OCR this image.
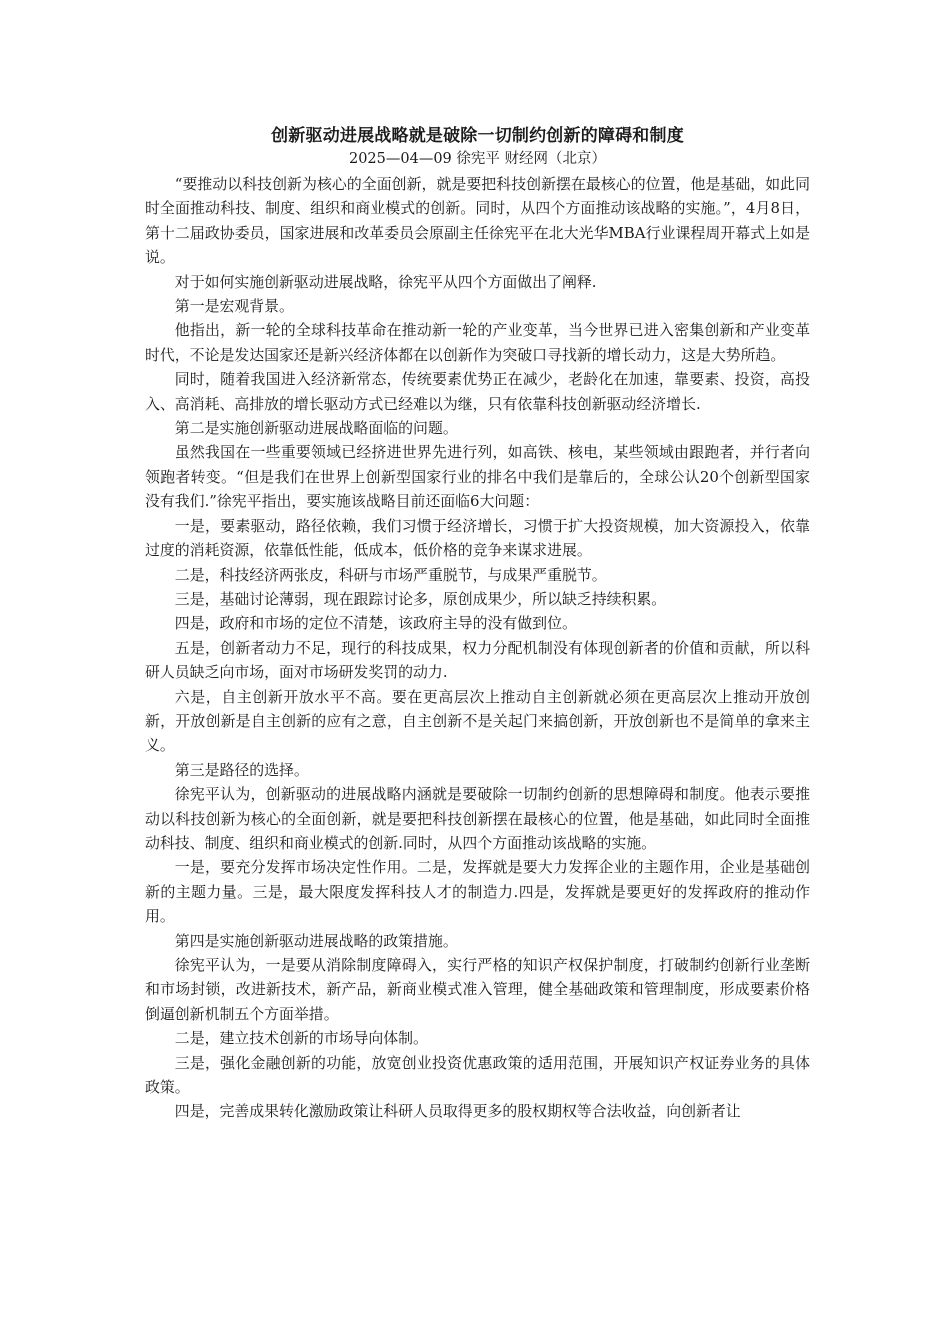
创新驱动进展战略就是破除一切制约创新的障碍和制度

2025—04—09 徐宪平 财经网（北京）

“要推动以科技创新为核心的全面创新，就是要把科技创新摆在最核心的位置，他是基础，如此同时全面推动科技、制度、组织和商业模式的创新。同时，从四个方面推动该战略的实施。”，4月8日，第十二届政协委员，国家进展和改革委员会原副主任徐宪平在北大光华MBA行业课程周开幕式上如是说。

对于如何实施创新驱动进展战略，徐宪平从四个方面做出了阐释.

第一是宏观背景。

他指出，新一轮的全球科技革命在推动新一轮的产业变革，当今世界已进入密集创新和产业变革时代，不论是发达国家还是新兴经济体都在以创新作为突破口寻找新的增长动力，这是大势所趋。

同时，随着我国进入经济新常态，传统要素优势正在减少，老龄化在加速，靠要素、投资，高投入、高消耗、高排放的增长驱动方式已经难以为继，只有依靠科技创新驱动经济增长.

第二是实施创新驱动进展战略面临的问题。

虽然我国在一些重要领域已经挤进世界先进行列，如高铁、核电，某些领域由跟跑者，并行者向领跑者转变。“但是我们在世界上创新型国家行业的排名中我们是靠后的，全球公认20个创新型国家没有我们.”徐宪平指出，要实施该战略目前还面临6大问题：

一是，要素驱动，路径依赖，我们习惯于经济增长，习惯于扩大投资规模，加大资源投入，依靠过度的消耗资源，依靠低性能，低成本，低价格的竞争来谋求进展。

二是，科技经济两张皮，科研与市场严重脱节，与成果严重脱节。

三是，基础讨论薄弱，现在跟踪讨论多，原创成果少，所以缺乏持续积累。

四是，政府和市场的定位不清楚，该政府主导的没有做到位。

五是，创新者动力不足，现行的科技成果，权力分配机制没有体现创新者的价值和贡献，所以科研人员缺乏向市场，面对市场研发奖罚的动力.

六是，自主创新开放水平不高。要在更高层次上推动自主创新就必须在更高层次上推动开放创新，开放创新是自主创新的应有之意，自主创新不是关起门来搞创新，开放创新也不是简单的拿来主义。

第三是路径的选择。

徐宪平认为，创新驱动的进展战略内涵就是要破除一切制约创新的思想障碍和制度。他表示要推动以科技创新为核心的全面创新，就是要把科技创新摆在最核心的位置，他是基础，如此同时全面推动科技、制度、组织和商业模式的创新.同时，从四个方面推动该战略的实施。

一是，要充分发挥市场决定性作用。二是，发挥就是要大力发挥企业的主题作用，企业是基础创新的主题力量。三是，最大限度发挥科技人才的制造力.四是，发挥就是要更好的发挥政府的推动作用。

第四是实施创新驱动进展战略的政策措施。

徐宪平认为，一是要从消除制度障碍入，实行严格的知识产权保护制度，打破制约创新行业垄断和市场封锁，改进新技术，新产品，新商业模式准入管理，健全基础政策和管理制度，形成要素价格倒逼创新机制五个方面举措。

二是，建立技术创新的市场导向体制。

三是，强化金融创新的功能，放宽创业投资优惠政策的适用范围，开展知识产权证券业务的具体政策。

四是，完善成果转化激励政策让科研人员取得更多的股权期权等合法收益，向创新者让
